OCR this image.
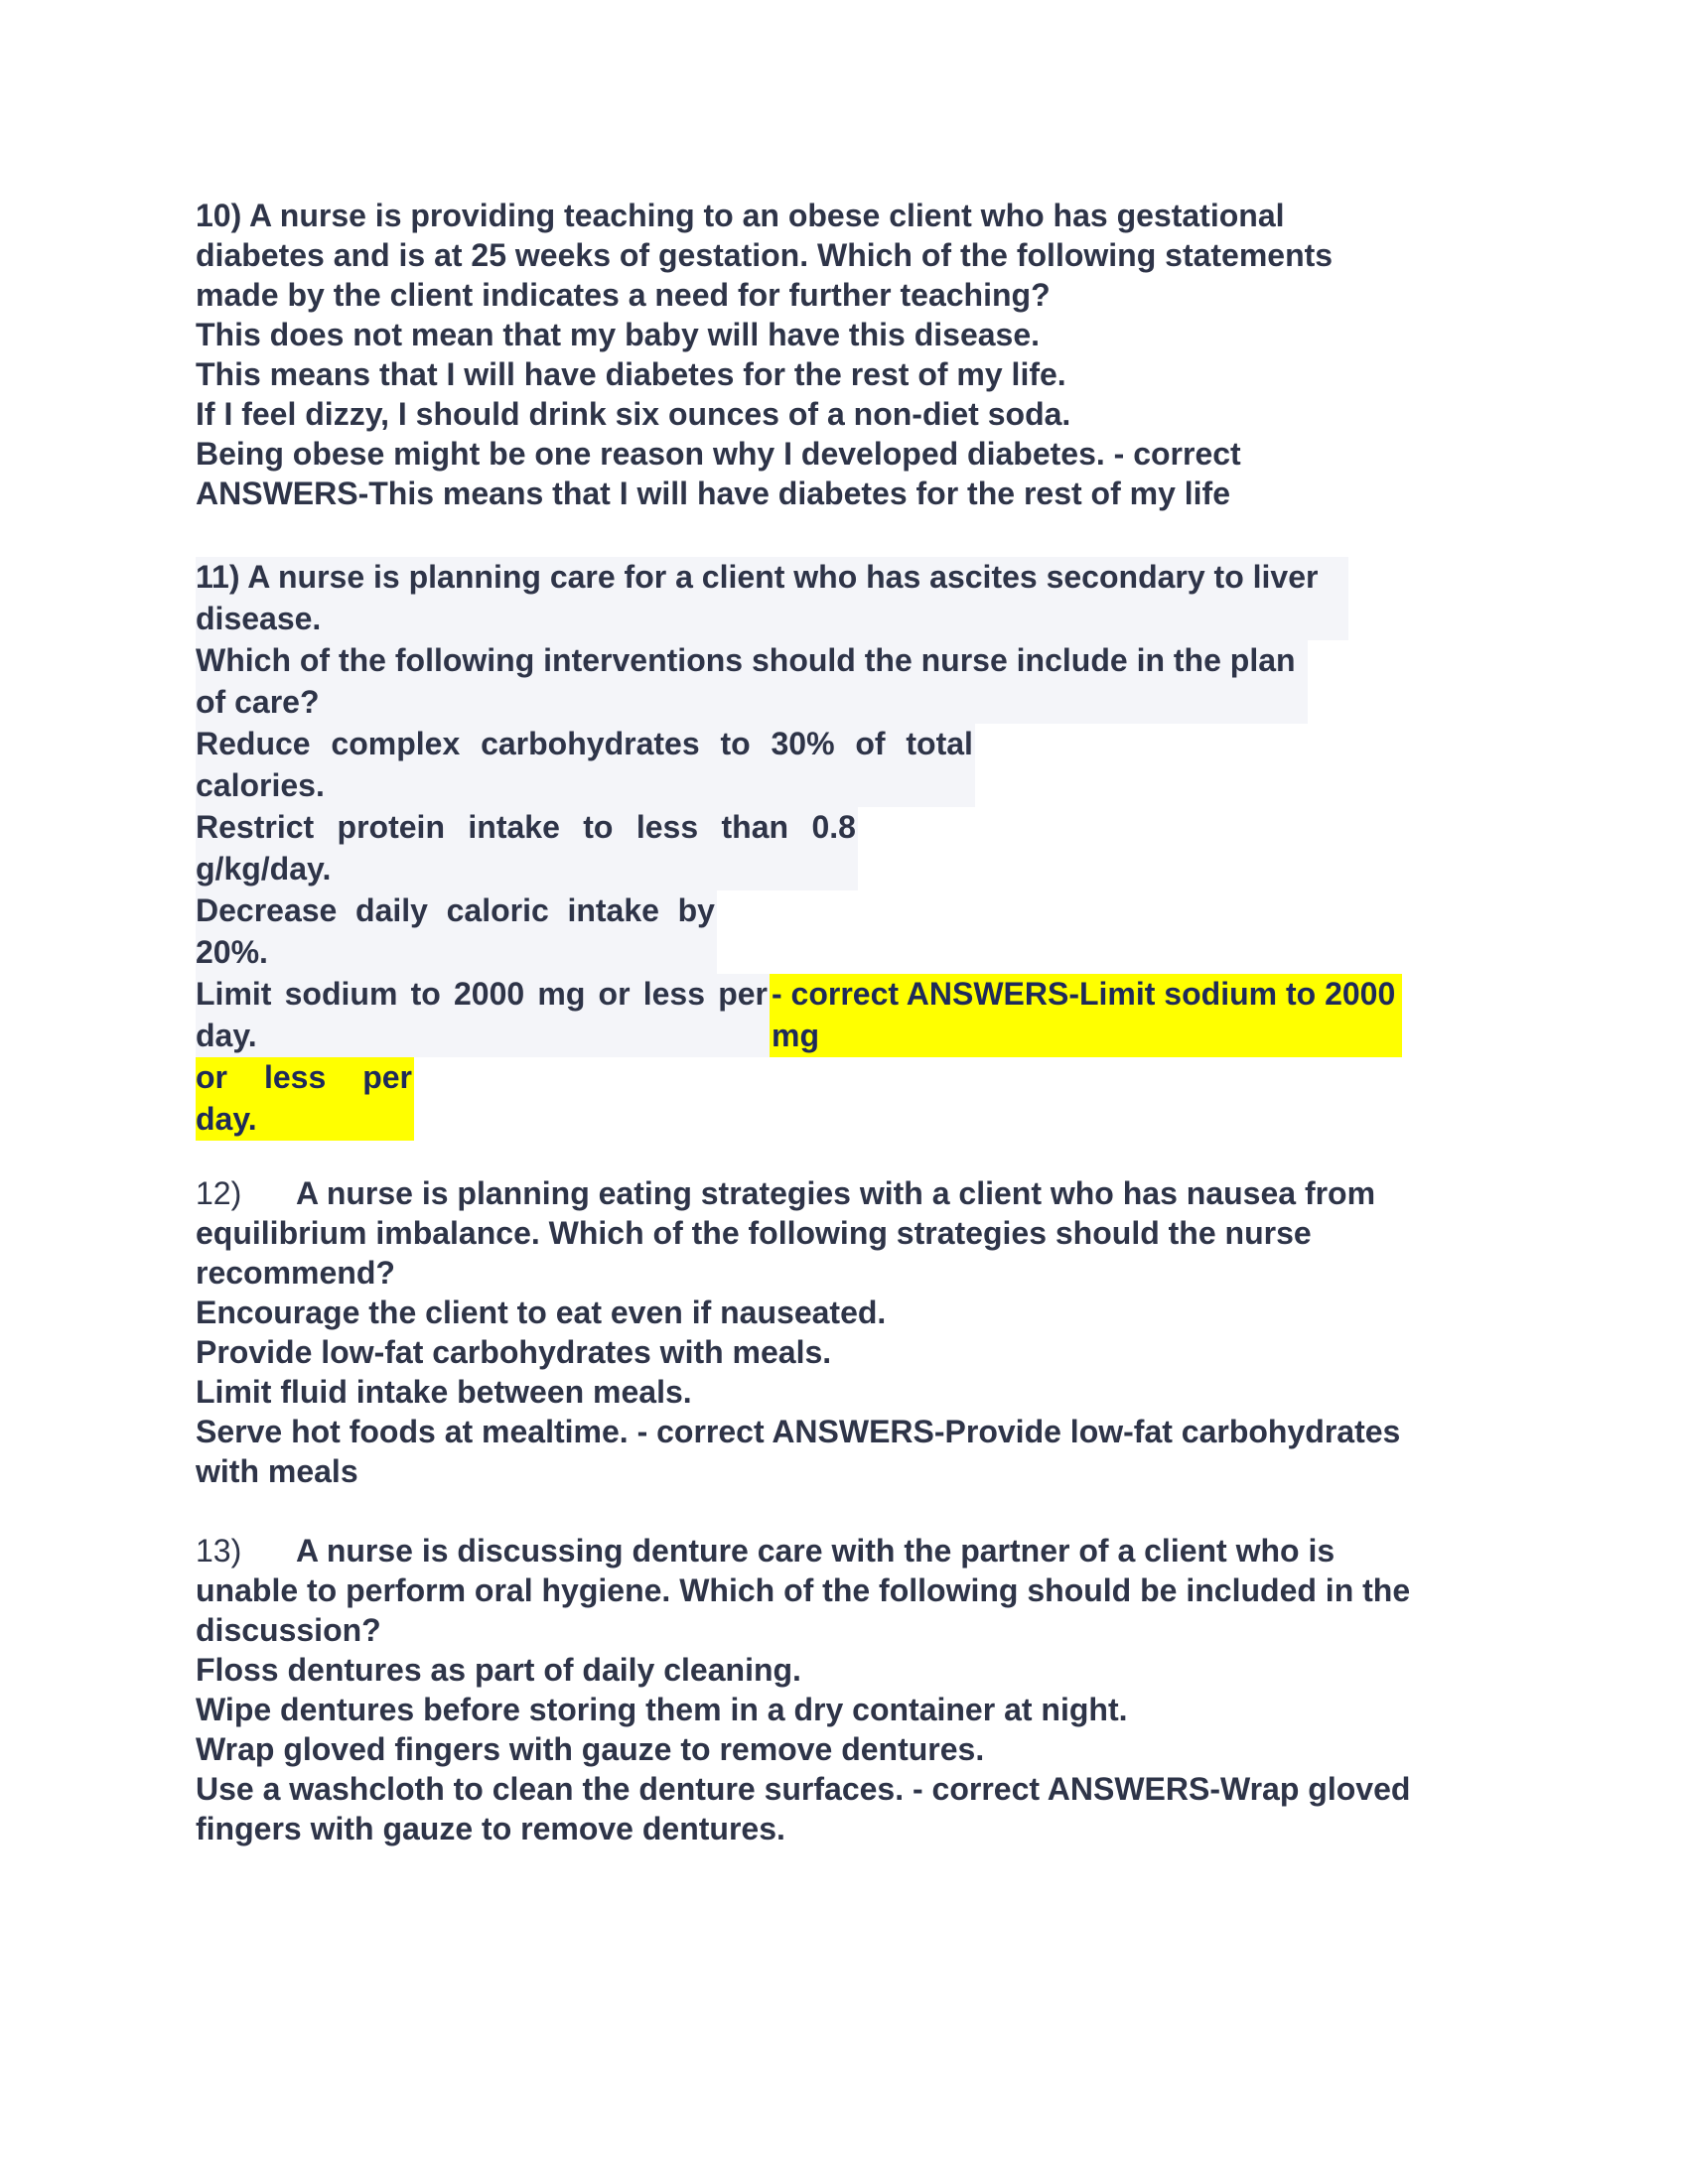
10) A nurse is providing teaching to an obese client who has gestational
diabetes and is at 25 weeks of gestation. Which of the following statements
made by the client indicates a need for further teaching?
This does not mean that my baby will have this disease.
This means that I will have diabetes for the rest of my life.
If I feel dizzy, I should drink six ounces of a non-diet soda.
Being obese might be one reason why I developed diabetes. - correct
ANSWERS-This means that I will have diabetes for the rest of my life
11) A nurse is planning care for a client who has ascites secondary to liver
disease.
Which of the following interventions should the nurse include in the plan
of care?
Reduce complex carbohydrates to 30% of total
calories.
Restrict protein intake to less than 0.8
g/kg/day.
Decrease daily caloric intake by
20%.
Limit sodium to 2000 mg or less per
day.
- correct ANSWERS-Limit sodium to 2000
mg
or less per
day.
12) A nurse is planning eating strategies with a client who has nausea from
equilibrium imbalance. Which of the following strategies should the nurse
recommend?
Encourage the client to eat even if nauseated.
Provide low-fat carbohydrates with meals.
Limit fluid intake between meals.
Serve hot foods at mealtime. - correct ANSWERS-Provide low-fat carbohydrates
with meals
13) A nurse is discussing denture care with the partner of a client who is
unable to perform oral hygiene. Which of the following should be included in the
discussion?
Floss dentures as part of daily cleaning.
Wipe dentures before storing them in a dry container at night.
Wrap gloved fingers with gauze to remove dentures.
Use a washcloth to clean the denture surfaces. - correct ANSWERS-Wrap gloved
fingers with gauze to remove dentures.
